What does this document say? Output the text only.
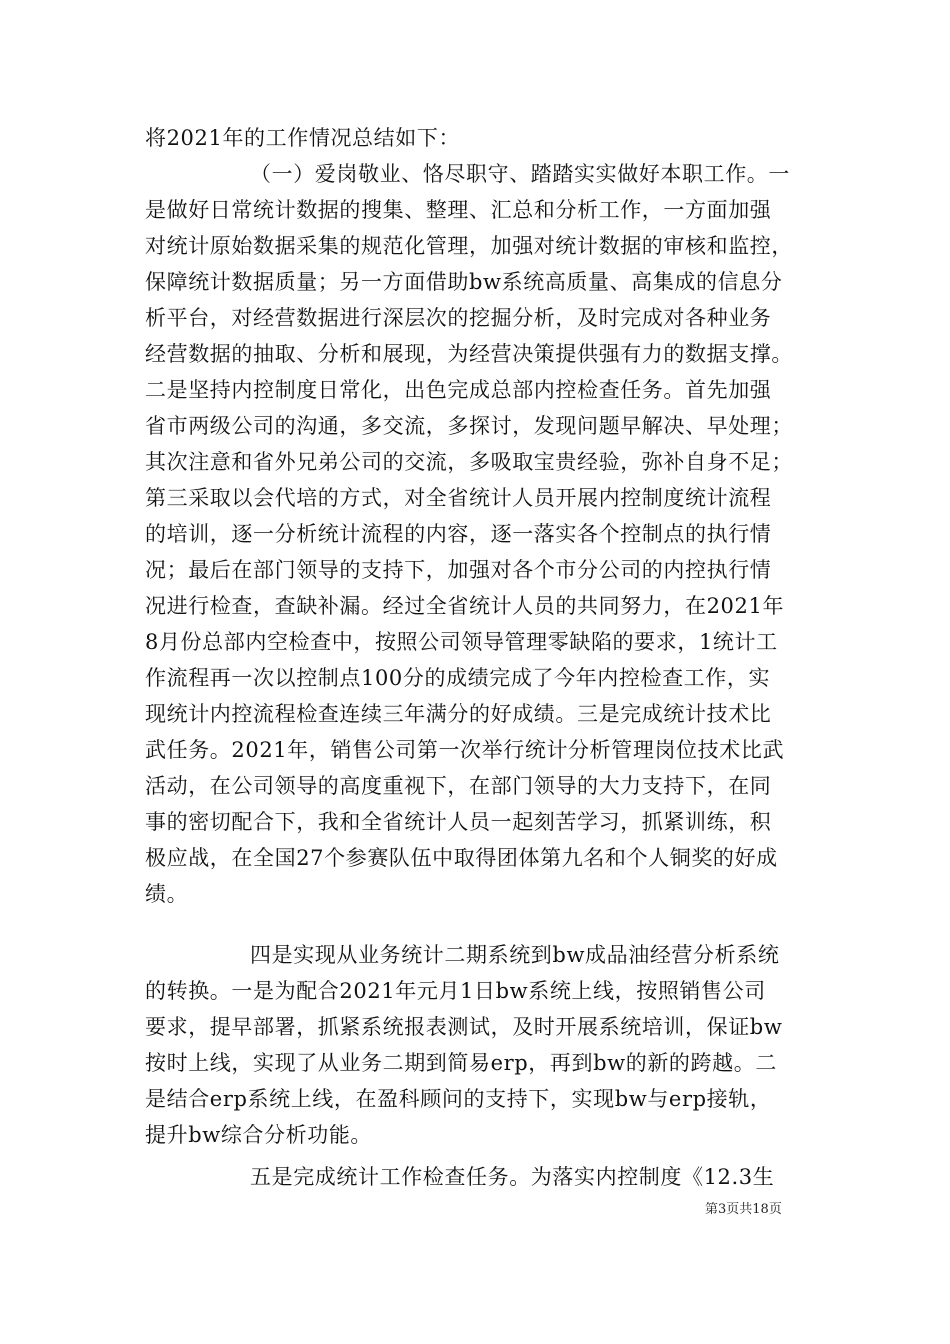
将2021年的工作情况总结如下：
（一）爱岗敬业、恪尽职守、踏踏实实做好本职工作。一
是做好日常统计数据的搜集、整理、汇总和分析工作，一方面加强
对统计原始数据采集的规范化管理，加强对统计数据的审核和监控，
保障统计数据质量；另一方面借助bw系统高质量、高集成的信息分
析平台，对经营数据进行深层次的挖掘分析，及时完成对各种业务
经营数据的抽取、分析和展现，为经营决策提供强有力的数据支撑。
二是坚持内控制度日常化，出色完成总部内控检查任务。首先加强
省市两级公司的沟通，多交流，多探讨，发现问题早解决、早处理；
其次注意和省外兄弟公司的交流，多吸取宝贵经验，弥补自身不足；
第三采取以会代培的方式，对全省统计人员开展内控制度统计流程
的培训，逐一分析统计流程的内容，逐一落实各个控制点的执行情
况；最后在部门领导的支持下，加强对各个市分公司的内控执行情
况进行检查，查缺补漏。经过全省统计人员的共同努力，在2021年
8月份总部内空检查中，按照公司领导管理零缺陷的要求，1统计工
作流程再一次以控制点100分的成绩完成了今年内控检查工作，实
现统计内控流程检查连续三年满分的好成绩。三是完成统计技术比
武任务。2021年，销售公司第一次举行统计分析管理岗位技术比武
活动，在公司领导的高度重视下，在部门领导的大力支持下，在同
事的密切配合下，我和全省统计人员一起刻苦学习，抓紧训练，积
极应战，在全国27个参赛队伍中取得团体第九名和个人铜奖的好成
绩。
四是实现从业务统计二期系统到bw成品油经营分析系统
的转换。一是为配合2021年元月1日bw系统上线，按照销售公司
要求，提早部署，抓紧系统报表测试，及时开展系统培训，保证bw
按时上线，实现了从业务二期到简易erp，再到bw的新的跨越。二
是结合erp系统上线，在盈科顾问的支持下，实现bw与erp接轨，
提升bw综合分析功能。
五是完成统计工作检查任务。为落实内控制度《12.3生
第3页共18页
